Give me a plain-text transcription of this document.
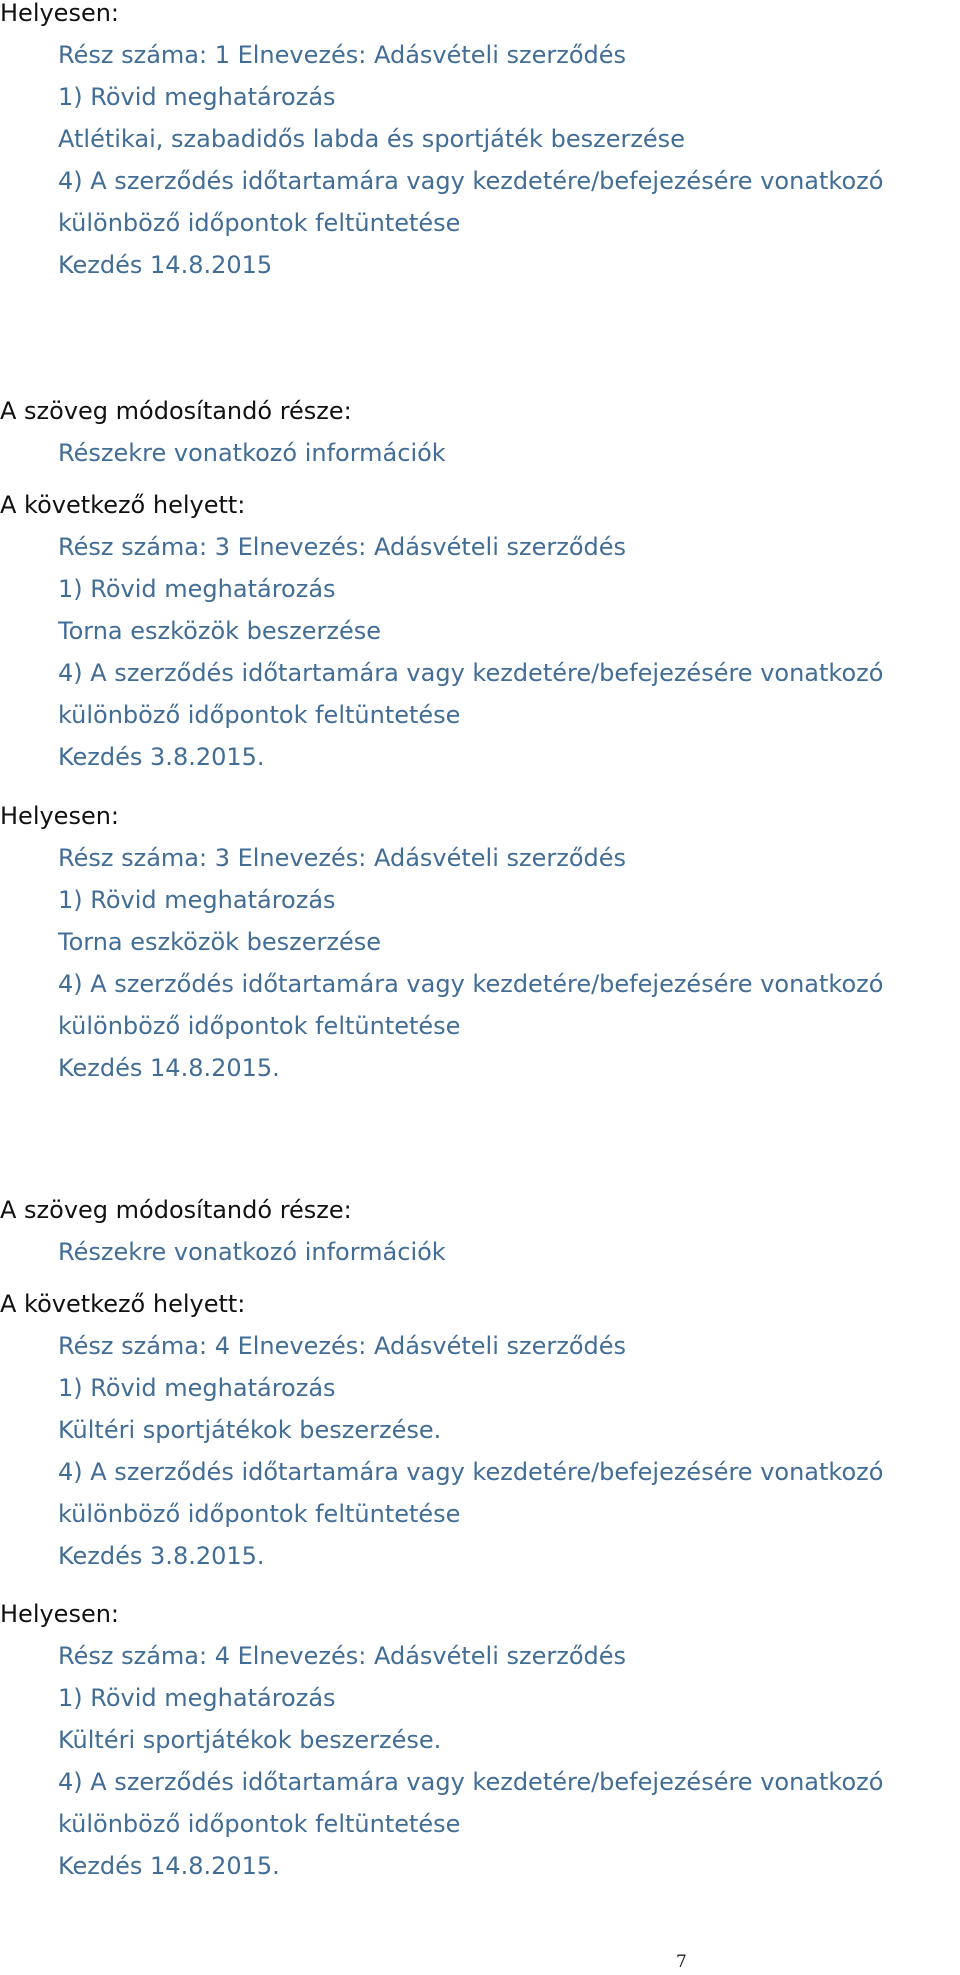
Helyesen:
Rész száma: 1 Elnevezés: Adásvételi szerződés
1) Rövid meghatározás
Atlétikai, szabadidős labda és sportjáték beszerzése
4) A szerződés időtartamára vagy kezdetére/befejezésére vonatkozó
különböző időpontok feltüntetése
Kezdés 14.8.2015
A szöveg módosítandó része:
Részekre vonatkozó információk
A következő helyett:
Rész száma: 3 Elnevezés: Adásvételi szerződés
1) Rövid meghatározás
Torna eszközök beszerzése
4) A szerződés időtartamára vagy kezdetére/befejezésére vonatkozó
különböző időpontok feltüntetése
Kezdés 3.8.2015.
Helyesen:
Rész száma: 3 Elnevezés: Adásvételi szerződés
1) Rövid meghatározás
Torna eszközök beszerzése
4) A szerződés időtartamára vagy kezdetére/befejezésére vonatkozó
különböző időpontok feltüntetése
Kezdés 14.8.2015.
A szöveg módosítandó része:
Részekre vonatkozó információk
A következő helyett:
Rész száma: 4 Elnevezés: Adásvételi szerződés
1) Rövid meghatározás
Kültéri sportjátékok beszerzése.
4) A szerződés időtartamára vagy kezdetére/befejezésére vonatkozó
különböző időpontok feltüntetése
Kezdés 3.8.2015.
Helyesen:
Rész száma: 4 Elnevezés: Adásvételi szerződés
1) Rövid meghatározás
Kültéri sportjátékok beszerzése.
4) A szerződés időtartamára vagy kezdetére/befejezésére vonatkozó
különböző időpontok feltüntetése
Kezdés 14.8.2015.
7
